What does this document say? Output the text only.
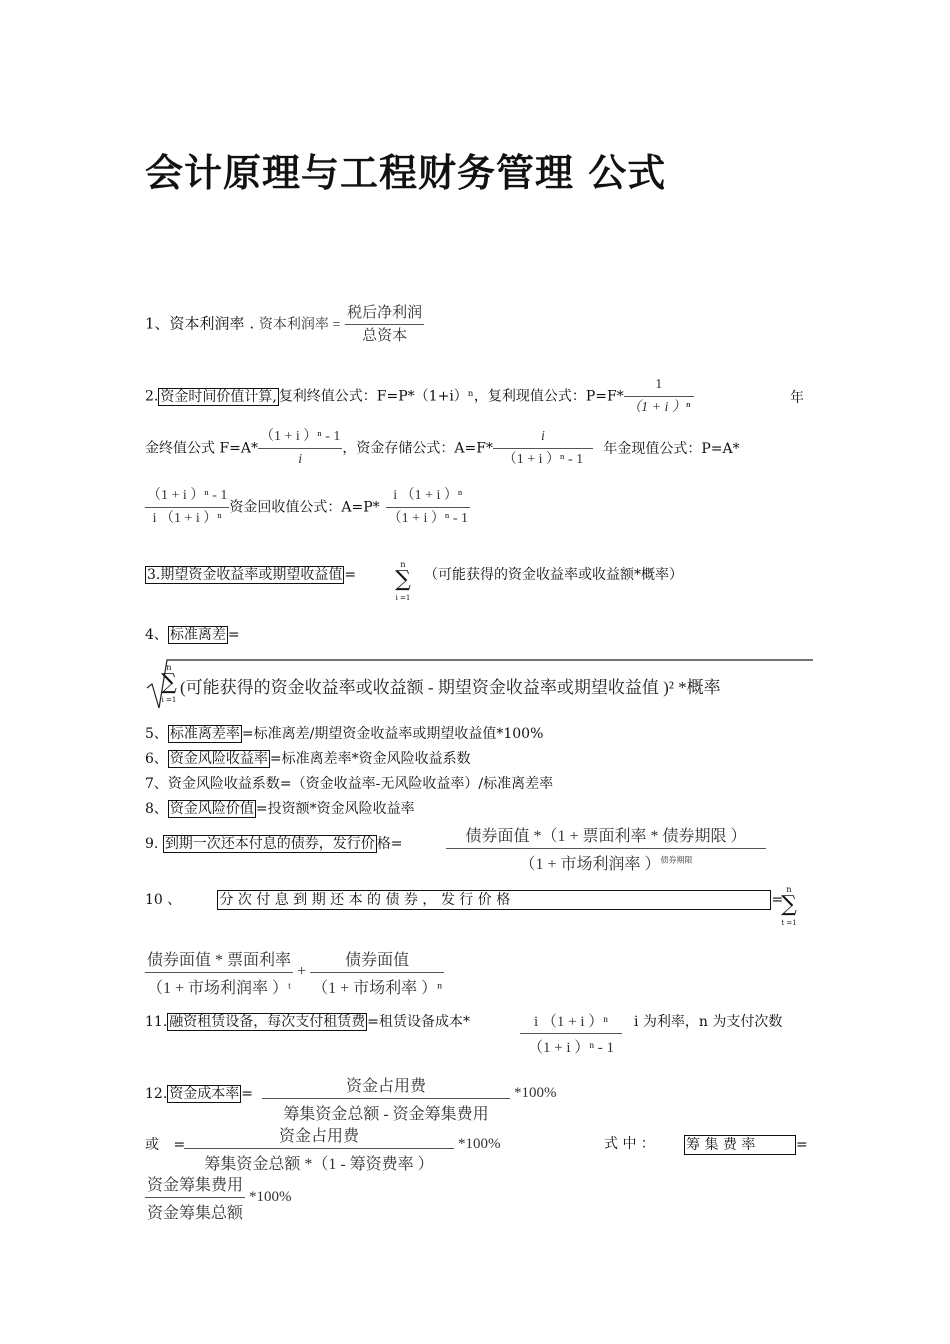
会计原理与工程财务管理 公式
1、资本利润率 . 资本利润率 = $\frac{\text{税后净利润}}{\text{总资本}}$
2. 资金时间价值计算, 复利终值公式：F=P*（1+i）ⁿ，复利现值公式：$P=F* \frac{1}{\text{（1 + i ）ⁿ}}$	年
金终值公式 $F=A* \frac{\text{（1 + i ）ⁿ - 1}}{i}$ ，资金存储公式：$A=F* \frac{i}{\text{（1 + i ）ⁿ - 1}}$ 年金现值公式：P=A*
$\frac{\text{（1 + i ）ⁿ - 1}}{\text{i （1 + i ）ⁿ}}$ 资金回收值公式：$A=P* \frac{\text{i （1 + i ）ⁿ}}{\text{（1 + i ）ⁿ - 1}}$
3.期望资金收益率或期望收益值 =
n
∑
i =1
（可能获得的资金收益率或收益额*概率）
4、 标准离差 =
n
∑
i =1
(可能获得的资金收益率或收益额 - 期望资金收益率或期望收益值 )² *概率
5、 标准离差率 =标准离差/期望资金收益率或期望收益值*100%
6、 资金风险收益率 =标准离差率*资金风险收益系数
7、资金风险收益系数=（资金收益率-无风险收益率）/标准离差率
8、 资金风险价值 =投资额*资金风险收益率
9. 到期一次还本付息的债券，发行价 格=	债券面值 *（1 + 票面利率 * 债券期限 ）
（1 + 市场利润率 ）$^{债券期限}$
10 、	分 次 付 息 到 期 还 本 的 债 券 ， 发 行 价 格	=
n
∑
t =1
$\frac{\text{债券面值 * 票面利率}}{\text{（1 + 市场利润率 ）ᵗ}} + \frac{\text{债券面值}}{\text{（1 + 市场利率 ）ⁿ}}$
11. 融资租赁设备，每次支付租赁费 =租赁设备成本*	i （1 + i ）ⁿ
（1 + i ）ⁿ - 1
i 为利率，n 为支付次数
12. 资金成本率 =	资金占用费
筹集资金总额 - 资金筹集费用
*100%
或 =	资金占用费
筹集资金总额 *（1 - 筹资费率 ）
*100%	式 中 ： 筹 集 费 率	=
$\frac{\text{资金筹集费用}}{\text{资金筹集总额}} *100\%$
